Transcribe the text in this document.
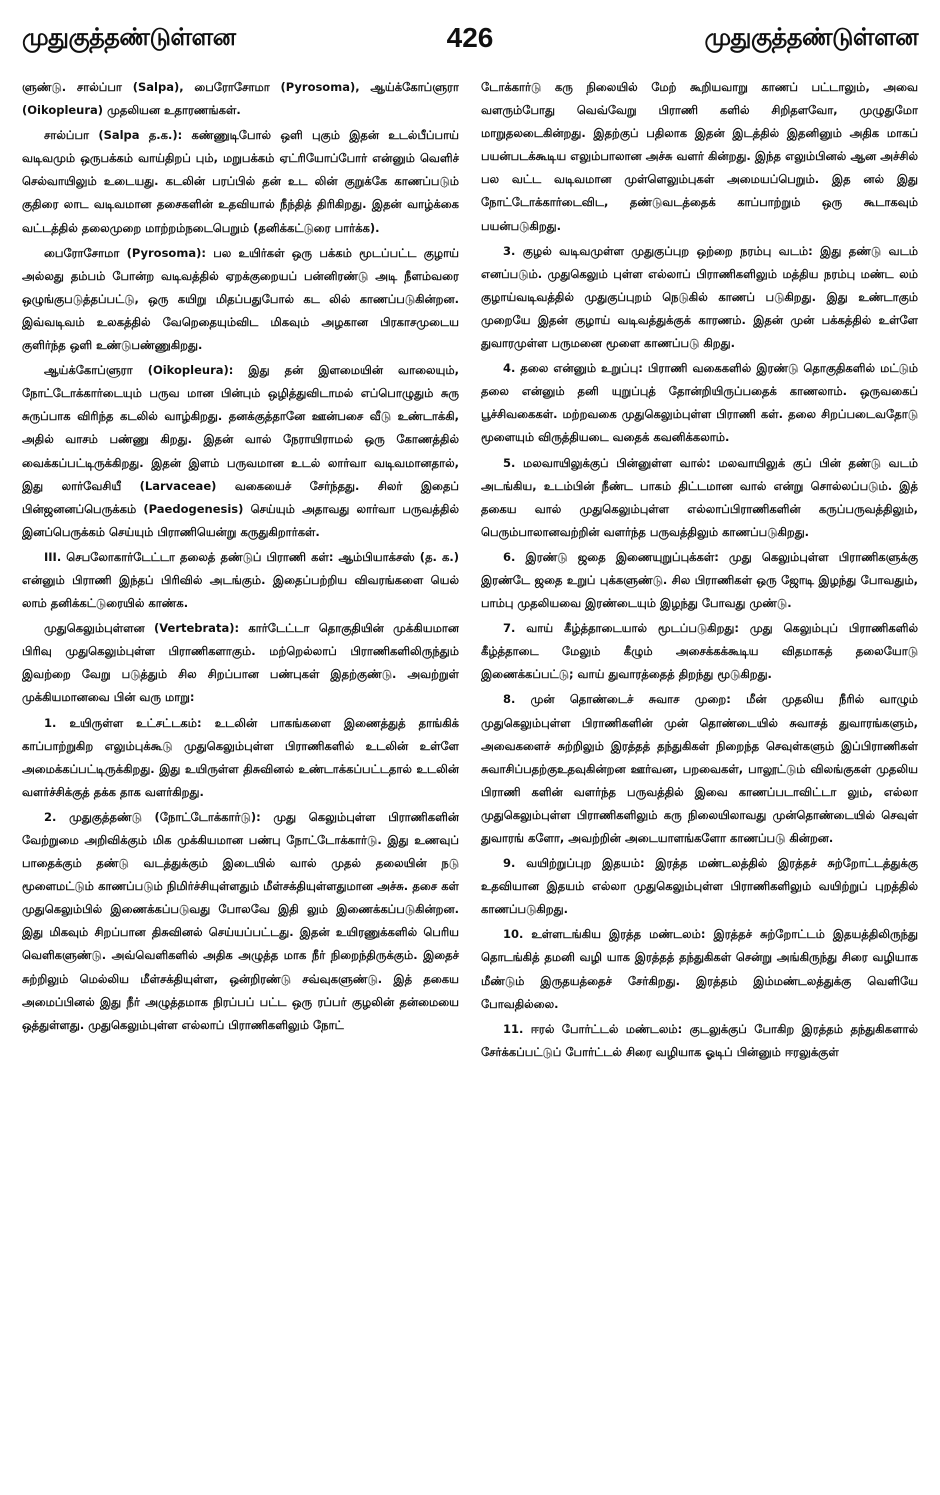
முதுகுத்தண்டுள்ளன	426	முதுகுத்தண்டுள்ளன

ளுண்டு. சால்ப்பா (Salpa), பைரோசோமா (Pyrosoma), ஆய்க்கோப்ளுரா (Oikopleura) முதலியன உதாரணங்கள்.

சால்ப்பா (Salpa த.க.): கண்ணுடிபோல் ஒளி புகும் இதன் உடல்பீப்பாய் வடிவமும் ஒருபக்கம் வாய்திறப் பும், மறுபக்கம் ஏட்ரியோப்போர் என்னும் வெளிச் செல்வாயிலும் உடையது. கடலின் பரப்பில் தன் உட லின் குறுக்கே காணப்படும் குதிரை லாட வடிவமான தசைகளின் உதவியால் நீந்தித் திரிகிறது. இதன் வாழ்க்கை வட்டத்தில் தலைமுறை மாற்றம்நடைபெறும் (தனிக்கட்டுரை பார்க்க).

பைரோசோமா (Pyrosoma): பல உயிர்கள் ஒரு பக்கம் மூடப்பட்ட குழாய் அல்லது தம்பம் போன்ற வடிவத்தில் ஏறக்குறையப் பன்னிரண்டு அடி நீளம்வரை ஒழுங்குபடுத்தப்பட்டு, ஒரு கயிறு மிதப்பதுபோல் கட லில் காணப்படுகின்றன. இவ்வடிவம் உலகத்தில் வேறெதையும்விட மிகவும் அழகான பிரகாசமுடைய குளிர்ந்த ஒளி உண்டுபண்ணுகிறது.

ஆய்க்கோப்ளுரா (Oikopleura): இது தன் இளமையின் வாலையும், நோட்டோக்கார்டையும் பருவ மான பின்பும் ஒழித்துவிடாமல் எப்பொழுதும் சுரு சுருப்பாக விரிந்த கடலில் வாழ்கிறது. தனக்குத்தானே ஊன்பசை வீடு உண்டாக்கி, அதில் வாசம் பண்ணு கிறது. இதன் வால் நேராயிராமல் ஒரு கோணத்தில் வைக்கப்பட்டிருக்கிறது. இதன் இளம் பருவமான உடல் லார்வா வடிவமானதால், இது லார்வேசியீ (Larvaceae) வகையைச் சேர்ந்தது. சிலர் இதைப் பின்ஜனனப்பெருக்கம் (Paedogenesis) செய்யும் அதாவது லார்வா பருவத்தில் இனப்பெருக்கம் செய்யும் பிராணியென்று கருதுகிறார்கள்.

III. செபலோகார்டேட்டா தலைத் தண்டுப் பிராணி கள்: ஆம்பியாக்சஸ் (த. க.) என்னும் பிராணி இந்தப் பிரிவில் அடங்கும். இதைப்பற்றிய விவரங்களை யெல் லாம் தனிக்கட்டுரையில் காண்க.

முதுகெலும்புள்ளன (Vertebrata): கார்டேட்டா தொகுதியின் முக்கியமான பிரிவு முதுகெலும்புள்ள பிராணிகளாகும். மற்றெல்லாப் பிராணிகளிலிருந்தும் இவற்றை வேறு படுத்தும் சில சிறப்பான பண்புகள் இதற்குண்டு. அவற்றுள் முக்கியமானவை பின் வரு மாறு:

1. உயிருள்ள உட்சட்டகம்: உடலின் பாகங்களை இணைத்துத் தாங்கிக் காப்பாற்றுகிற எலும்புக்கூடு முதுகெலும்புள்ள பிராணிகளில் உடலின் உள்ளே அமைக்கப்பட்டிருக்கிறது. இது உயிருள்ள திசுவினல் உண்டாக்கப்பட்டதால் உடலின் வளர்ச்சிக்குத் தக்க தாக வளர்கிறது.

2. முதுகுத்தண்டு (நோட்டோக்கார்டு): முது கெலும்புள்ள பிராணிகளின் வேற்றுமை அறிவிக்கும் மிக முக்கியமான பண்பு நோட்டோக்கார்டு. இது உணவுப் பாதைக்கும் தண்டு வடத்துக்கும் இடையில் வால் முதல் தலையின் நடு மூளைமட்டும் காணப்படும் நிமிர்ச்சியுள்ளதும் மீள்சக்தியுள்ளதுமான அச்சு. தசை கள் முதுகெலும்பில் இணைக்கப்படுவது போலவே இதி லும் இணைக்கப்படுகின்றன. இது மிகவும் சிறப்பான திசுவினல் செய்யப்பட்டது. இதன் உயிரணுக்களில் பெரிய வெளிகளுண்டு. அவ்வெளிகளில் அதிக அழுத்த மாக நீர் நிறைந்திருக்கும். இதைச் சுற்றிலும் மெல்லிய மீள்சக்தியுள்ள, ஒன்றிரண்டு சவ்வுகளுண்டு. இத் தகைய அமைப்பினல் இது நீர் அழுத்தமாக நிரப்பப் பட்ட ஒரு ரப்பர் குழலின் தன்மையை ஒத்துள்ளது. முதுகெலும்புள்ள எல்லாப் பிராணிகளிலும் நோட்

டோக்கார்டு கரு நிலையில் மேற் கூறியவாறு காணப் பட்டாலும், அவை வளரும்போது வெவ்வேறு பிராணி களில் சிறிதளவோ, முழுதுமோ மாறுதலடைகின்றது. இதற்குப் பதிலாக இதன் இடத்தில் இதனினும் அதிக மாகப் பயன்படக்கூடிய எலும்பாலான அச்சு வளர் கின்றது. இந்த எலும்பினல் ஆன அச்சில் பல வட்ட வடிவமான முள்ளெலும்புகள் அமையப்பெறும். இத னல் இது நோட்டோக்கார்டைவிட, தண்டுவடத்தைக் காப்பாற்றும் ஒரு கூடாகவும் பயன்படுகிறது.

3. குழல் வடிவமுள்ள முதுகுப்புற ஒற்றை நரம்பு வடம்: இது தண்டு வடம் எனப்படும். முதுகெலும் புள்ள எல்லாப் பிராணிகளிலும் மத்திய நரம்பு மண்ட லம் குழாய்வடிவத்தில் முதுகுப்புறம் நெடுகில் காணப் படுகிறது. இது உண்டாகும் முறையே இதன் குழாய் வடிவத்துக்குக் காரணம். இதன் முன் பக்கத்தில் உள்ளே துவாரமுள்ள பருமனை மூளை காணப்படு கிறது.

4. தலை என்னும் உறுப்பு: பிராணி வகைகளில் இரண்டு தொகுதிகளில் மட்டும் தலை என்னும் தனி யுறுப்புத் தோன்றியிருப்பதைக் காணலாம். ஒருவகைப் பூச்சிவகைகள். மற்றவகை முதுகெலும்புள்ள பிராணி கள். தலை சிறப்படைவதோடு மூளையும் விருத்தியடை வதைக் கவனிக்கலாம்.

5. மலவாயிலுக்குப் பின்னுள்ள வால்: மலவாயிலுக் குப் பின் தண்டு வடம் அடங்கிய, உடம்பின் நீண்ட பாகம் திட்டமான வால் என்று சொல்லப்படும். இத் தகைய வால் முதுகெலும்புள்ள எல்லாப்பிராணிகளின் கருப்பருவத்திலும், பெரும்பாலானவற்றின் வளர்ந்த பருவத்திலும் காணப்படுகிறது.

6. இரண்டு ஜதை இணையுறுப்புக்கள்: முது கெலும்புள்ள பிராணிகளுக்கு இரண்டே ஜதை உறுப் புக்களுண்டு. சில பிராணிகள் ஒரு ஜோடி இழந்து போவதும், பாம்பு முதலியவை இரண்டையும் இழந்து போவது முண்டு.

7. வாய் கீழ்த்தாடையால் மூடப்படுகிறது: முது கெலும்புப் பிராணிகளில் கீழ்த்தாடை மேலும் கீழும் அசைக்கக்கூடிய விதமாகத் தலையோடு இணைக்கப்பட்டு; வாய் துவாரத்தைத் திறந்து மூடுகிறது.

8. முன் தொண்டைச் சுவாச முறை: மீன் முதலிய நீரில் வாழும் முதுகெலும்புள்ள பிராணிகளின் முன் தொண்டையில் சுவாசத் துவாரங்களும், அவைகளைச் சுற்றிலும் இரத்தத் தந்துகிகள் நிறைந்த செவுள்களும் இப்பிராணிகள் சுவாசிப்பதற்குஉதவுகின்றன ஊர்வன, பறவைகள், பாலூட்டும் விலங்குகள் முதலிய பிராணி களின் வளர்ந்த பருவத்தில் இவை காணப்படாவிட்டா லும், எல்லா முதுகெலும்புள்ள பிராணிகளிலும் கரு நிலையிலாவது முன்தொண்டையில் செவுள் துவாரங் களோ, அவற்றின் அடையாளங்களோ காணப்படு கின்றன.

9. வயிற்றுப்புற இதயம்: இரத்த மண்டலத்தில் இரத்தச் சுற்றோட்டத்துக்கு உதவியான இதயம் எல்லா முதுகெலும்புள்ள பிராணிகளிலும் வயிற்றுப் புறத்தில் காணப்படுகிறது.

10. உள்ளடங்கிய இரத்த மண்டலம்: இரத்தச் சுற்றோட்டம் இதயத்திலிருந்து தொடங்கித் தமனி வழி யாக இரத்தத் தந்துகிகள் சென்று அங்கிருந்து சிரை வழியாக மீண்டும் இருதயத்தைச் சேர்கிறது. இரத்தம் இம்மண்டலத்துக்கு வெளியே போவதில்லை.

11. ஈரல் போர்ட்டல் மண்டலம்: குடலுக்குப் போகிற இரத்தம் தந்துகிகளால் சேர்க்கப்பட்டுப் போர்ட்டல் சிரை வழியாக ஓடிப் பின்னும் ஈரலுக்குள்
